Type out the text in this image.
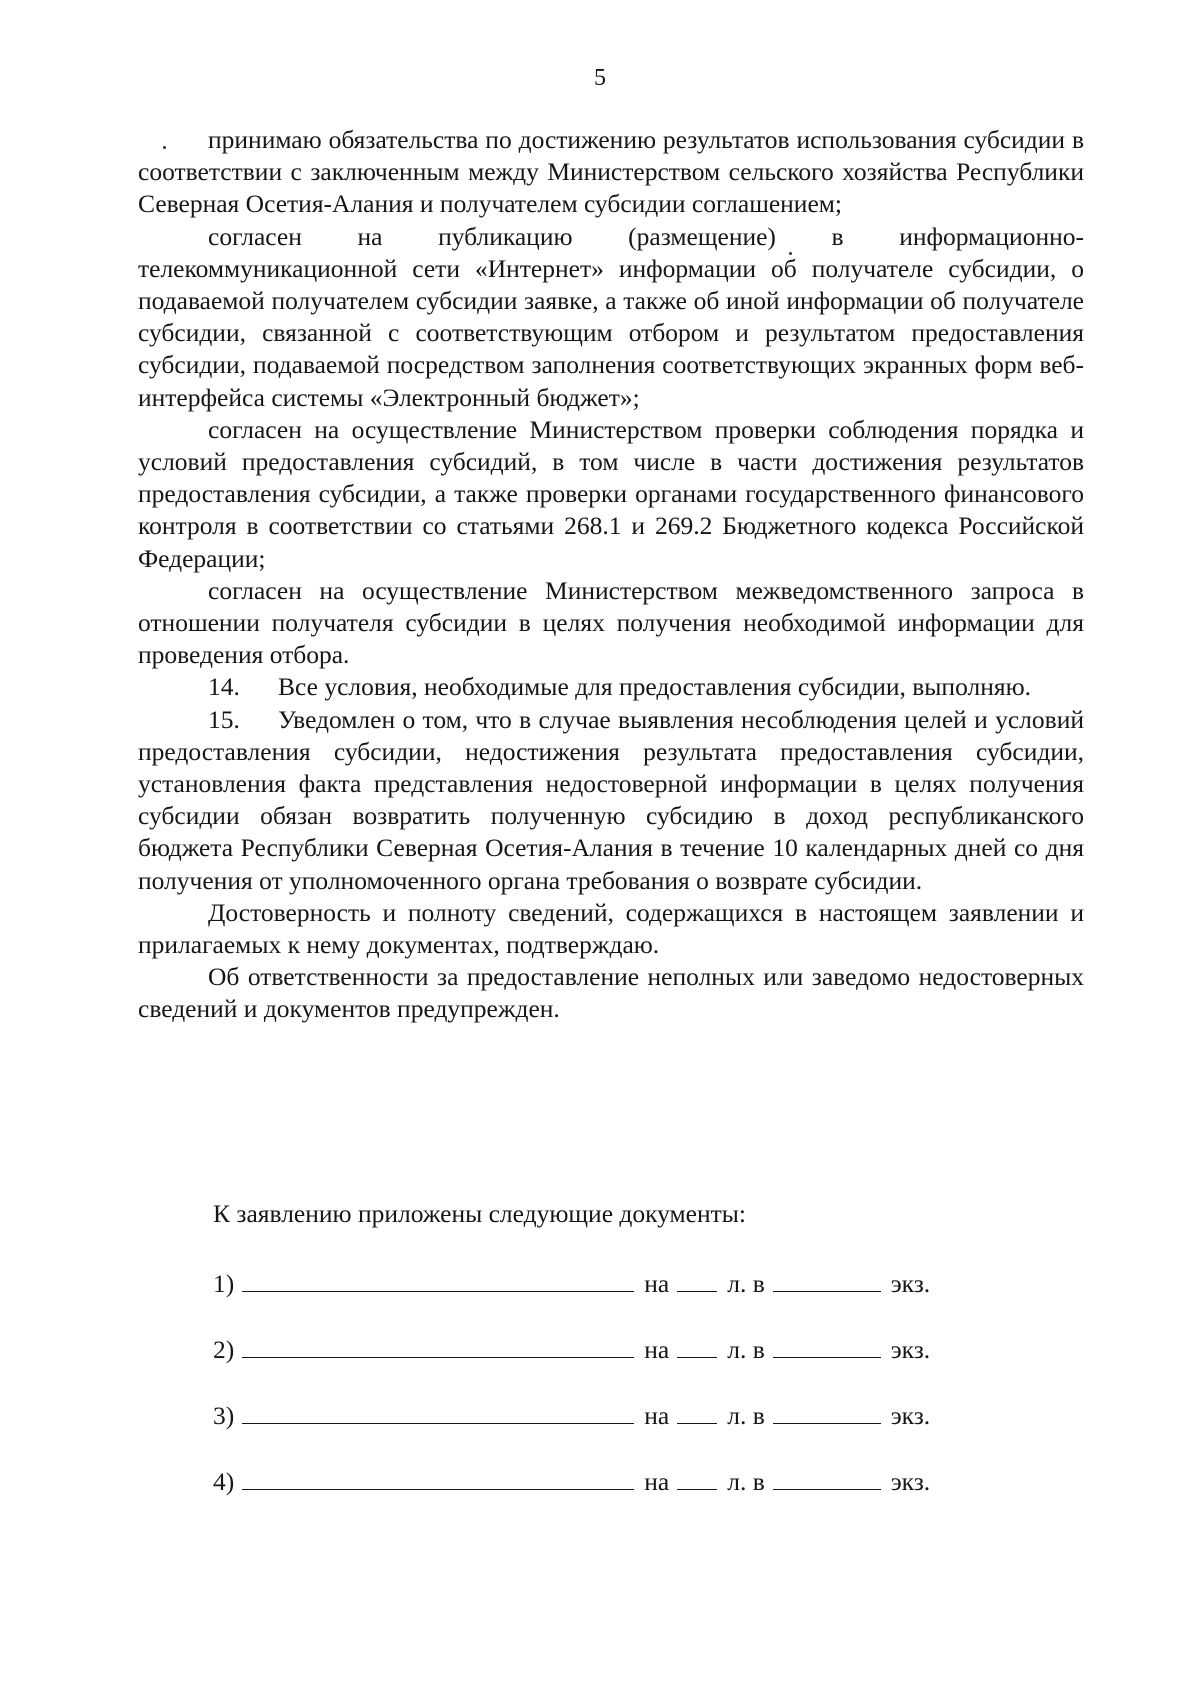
5

принимаю обязательства по достижению результатов использования субсидии в соответствии с заключенным между Министерством сельского хозяйства Республики Северная Осетия-Алания и получателем субсидии соглашением;

согласен на публикацию (размещение) в информационно-телекоммуникационной сети «Интернет» информации об получателе субсидии, о подаваемой получателем субсидии заявке, а также об иной информации об получателе субсидии, связанной с соответствующим отбором и результатом предоставления субсидии, подаваемой посредством заполнения соответствующих экранных форм веб-интерфейса системы «Электронный бюджет»;

согласен на осуществление Министерством проверки соблюдения порядка и условий предоставления субсидий, в том числе в части достижения результатов предоставления субсидии, а также проверки органами государственного финансового контроля в соответствии со статьями 268.1 и 269.2 Бюджетного кодекса Российской Федерации;

согласен на осуществление Министерством межведомственного запроса в отношении получателя субсидии в целях получения необходимой информации для проведения отбора.

14. Все условия, необходимые для предоставления субсидии, выполняю.

15. Уведомлен о том, что в случае выявления несоблюдения целей и условий предоставления субсидии, недостижения результата предоставления субсидии, установления факта представления недостоверной информации в целях получения субсидии обязан возвратить полученную субсидию в доход республиканского бюджета Республики Северная Осетия-Алания в течение 10 календарных дней со дня получения от уполномоченного органа требования о возврате субсидии.

Достоверность и полноту сведений, содержащихся в настоящем заявлении и прилагаемых к нему документах, подтверждаю.

Об ответственности за предоставление неполных или заведомо недостоверных сведений и документов предупрежден.

К заявлению приложены следующие документы:
1)	на л. в	экз.
2)	на л. в	экз.
3)	на л. в	экз.
4)	на л. в	экз.
